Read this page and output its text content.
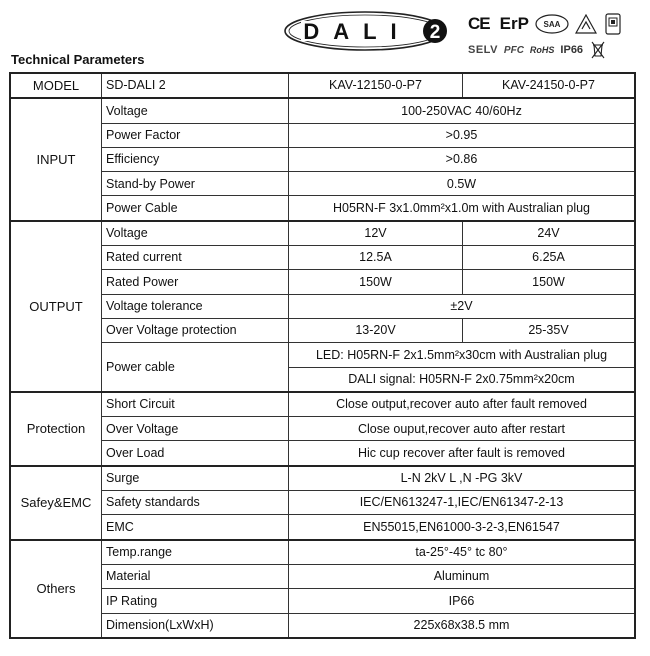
Technical Parameters
DALI 2 CE ErP SAA
SELV PFC RoHS IP66
MODEL	SD-DALI 2	KAV-12150-0-P7	KAV-24150-0-P7
INPUT	Voltage	100-250VAC 40/60Hz	
	Power Factor	>0.95	
	Efficiency	>0.86	
	Stand-by Power	0.5W	
	Power Cable	H05RN-F 3x1.0mm²x1.0m with Australian plug	
OUTPUT	Voltage	12V	24V
	Rated current	12.5A	6.25A
	Rated Power	150W	150W
	Voltage tolerance	±2V	
	Over Voltage protection	13-20V	25-35V
	Power cable	LED: H05RN-F 2x1.5mm²x30cm with Australian plug	
		DALI signal: H05RN-F 2x0.75mm²x20cm	
Protection	Short Circuit	Close output,recover auto after fault removed	
	Over Voltage	Close ouput,recover auto after restart	
	Over Load	Hic cup recover after fault is removed	
Safey&EMC	Surge	L-N 2kV L ,N -PG 3kV	
	Safety standards	IEC/EN613247-1,IEC/EN61347-2-13	
	EMC	EN55015,EN61000-3-2-3,EN61547	
Others	Temp.range	ta-25°-45° tc 80°	
	Material	Aluminum	
	IP Rating	IP66	
	Dimension(LxWxH)	225x68x38.5 mm	
